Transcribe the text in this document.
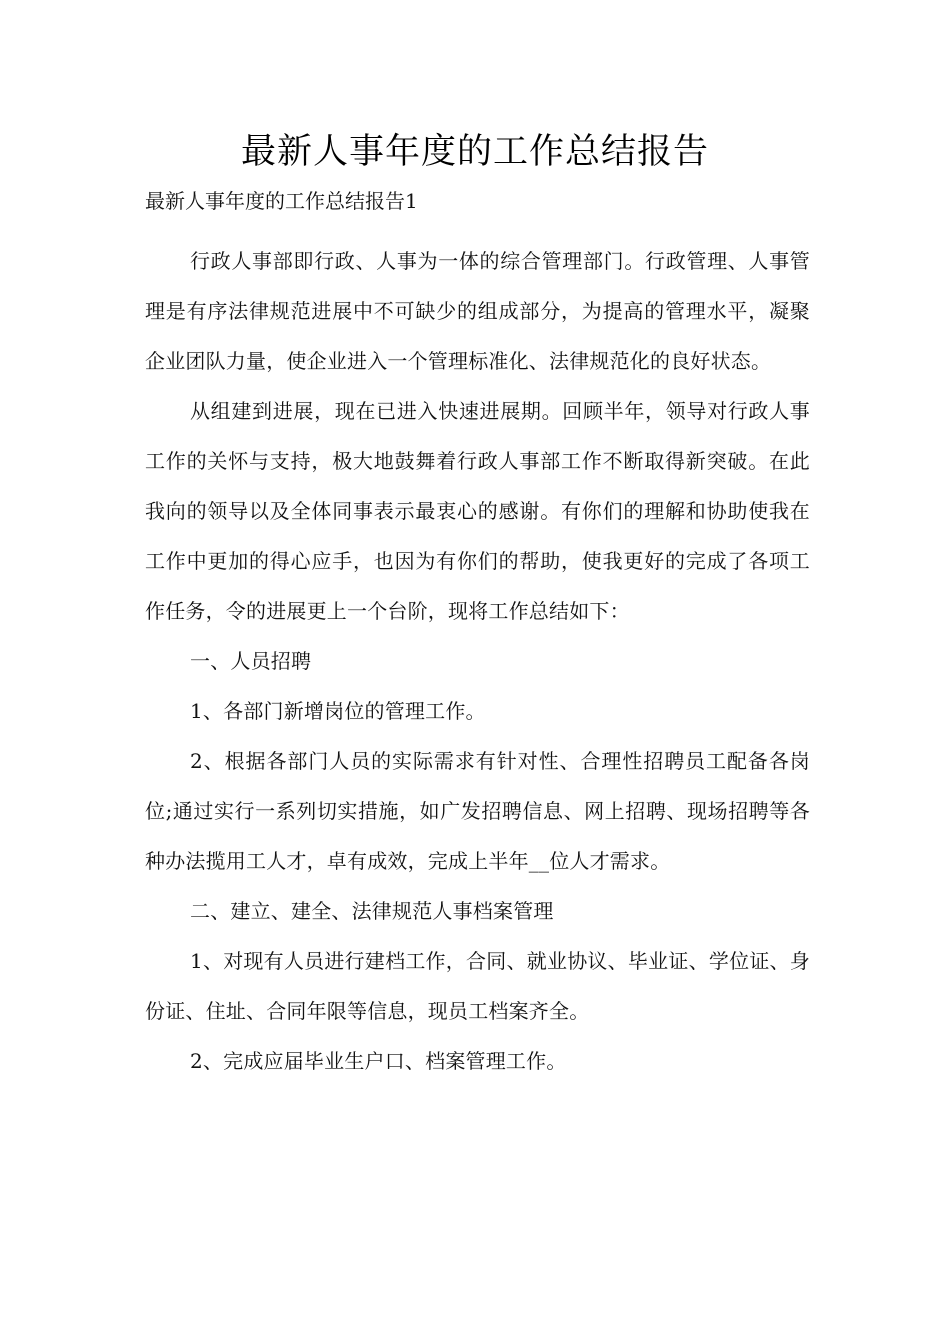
最新人事年度的工作总结报告
最新人事年度的工作总结报告1

行政人事部即行政、人事为一体的综合管理部门。行政管理、人事管理是有序法律规范进展中不可缺少的组成部分，为提高的管理水平，凝聚企业团队力量，使企业进入一个管理标准化、法律规范化的良好状态。

从组建到进展，现在已进入快速进展期。回顾半年，领导对行政人事工作的关怀与支持，极大地鼓舞着行政人事部工作不断取得新突破。在此我向的领导以及全体同事表示最衷心的感谢。有你们的理解和协助使我在工作中更加的得心应手，也因为有你们的帮助，使我更好的完成了各项工作任务，令的进展更上一个台阶，现将工作总结如下：

一、人员招聘

1、各部门新增岗位的管理工作。

2、根据各部门人员的实际需求有针对性、合理性招聘员工配备各岗位;通过实行一系列切实措施，如广发招聘信息、网上招聘、现场招聘等各种办法揽用工人才，卓有成效，完成上半年__位人才需求。

二、建立、建全、法律规范人事档案管理

1、对现有人员进行建档工作，合同、就业协议、毕业证、学位证、身份证、住址、合同年限等信息，现员工档案齐全。

2、完成应届毕业生户口、档案管理工作。
